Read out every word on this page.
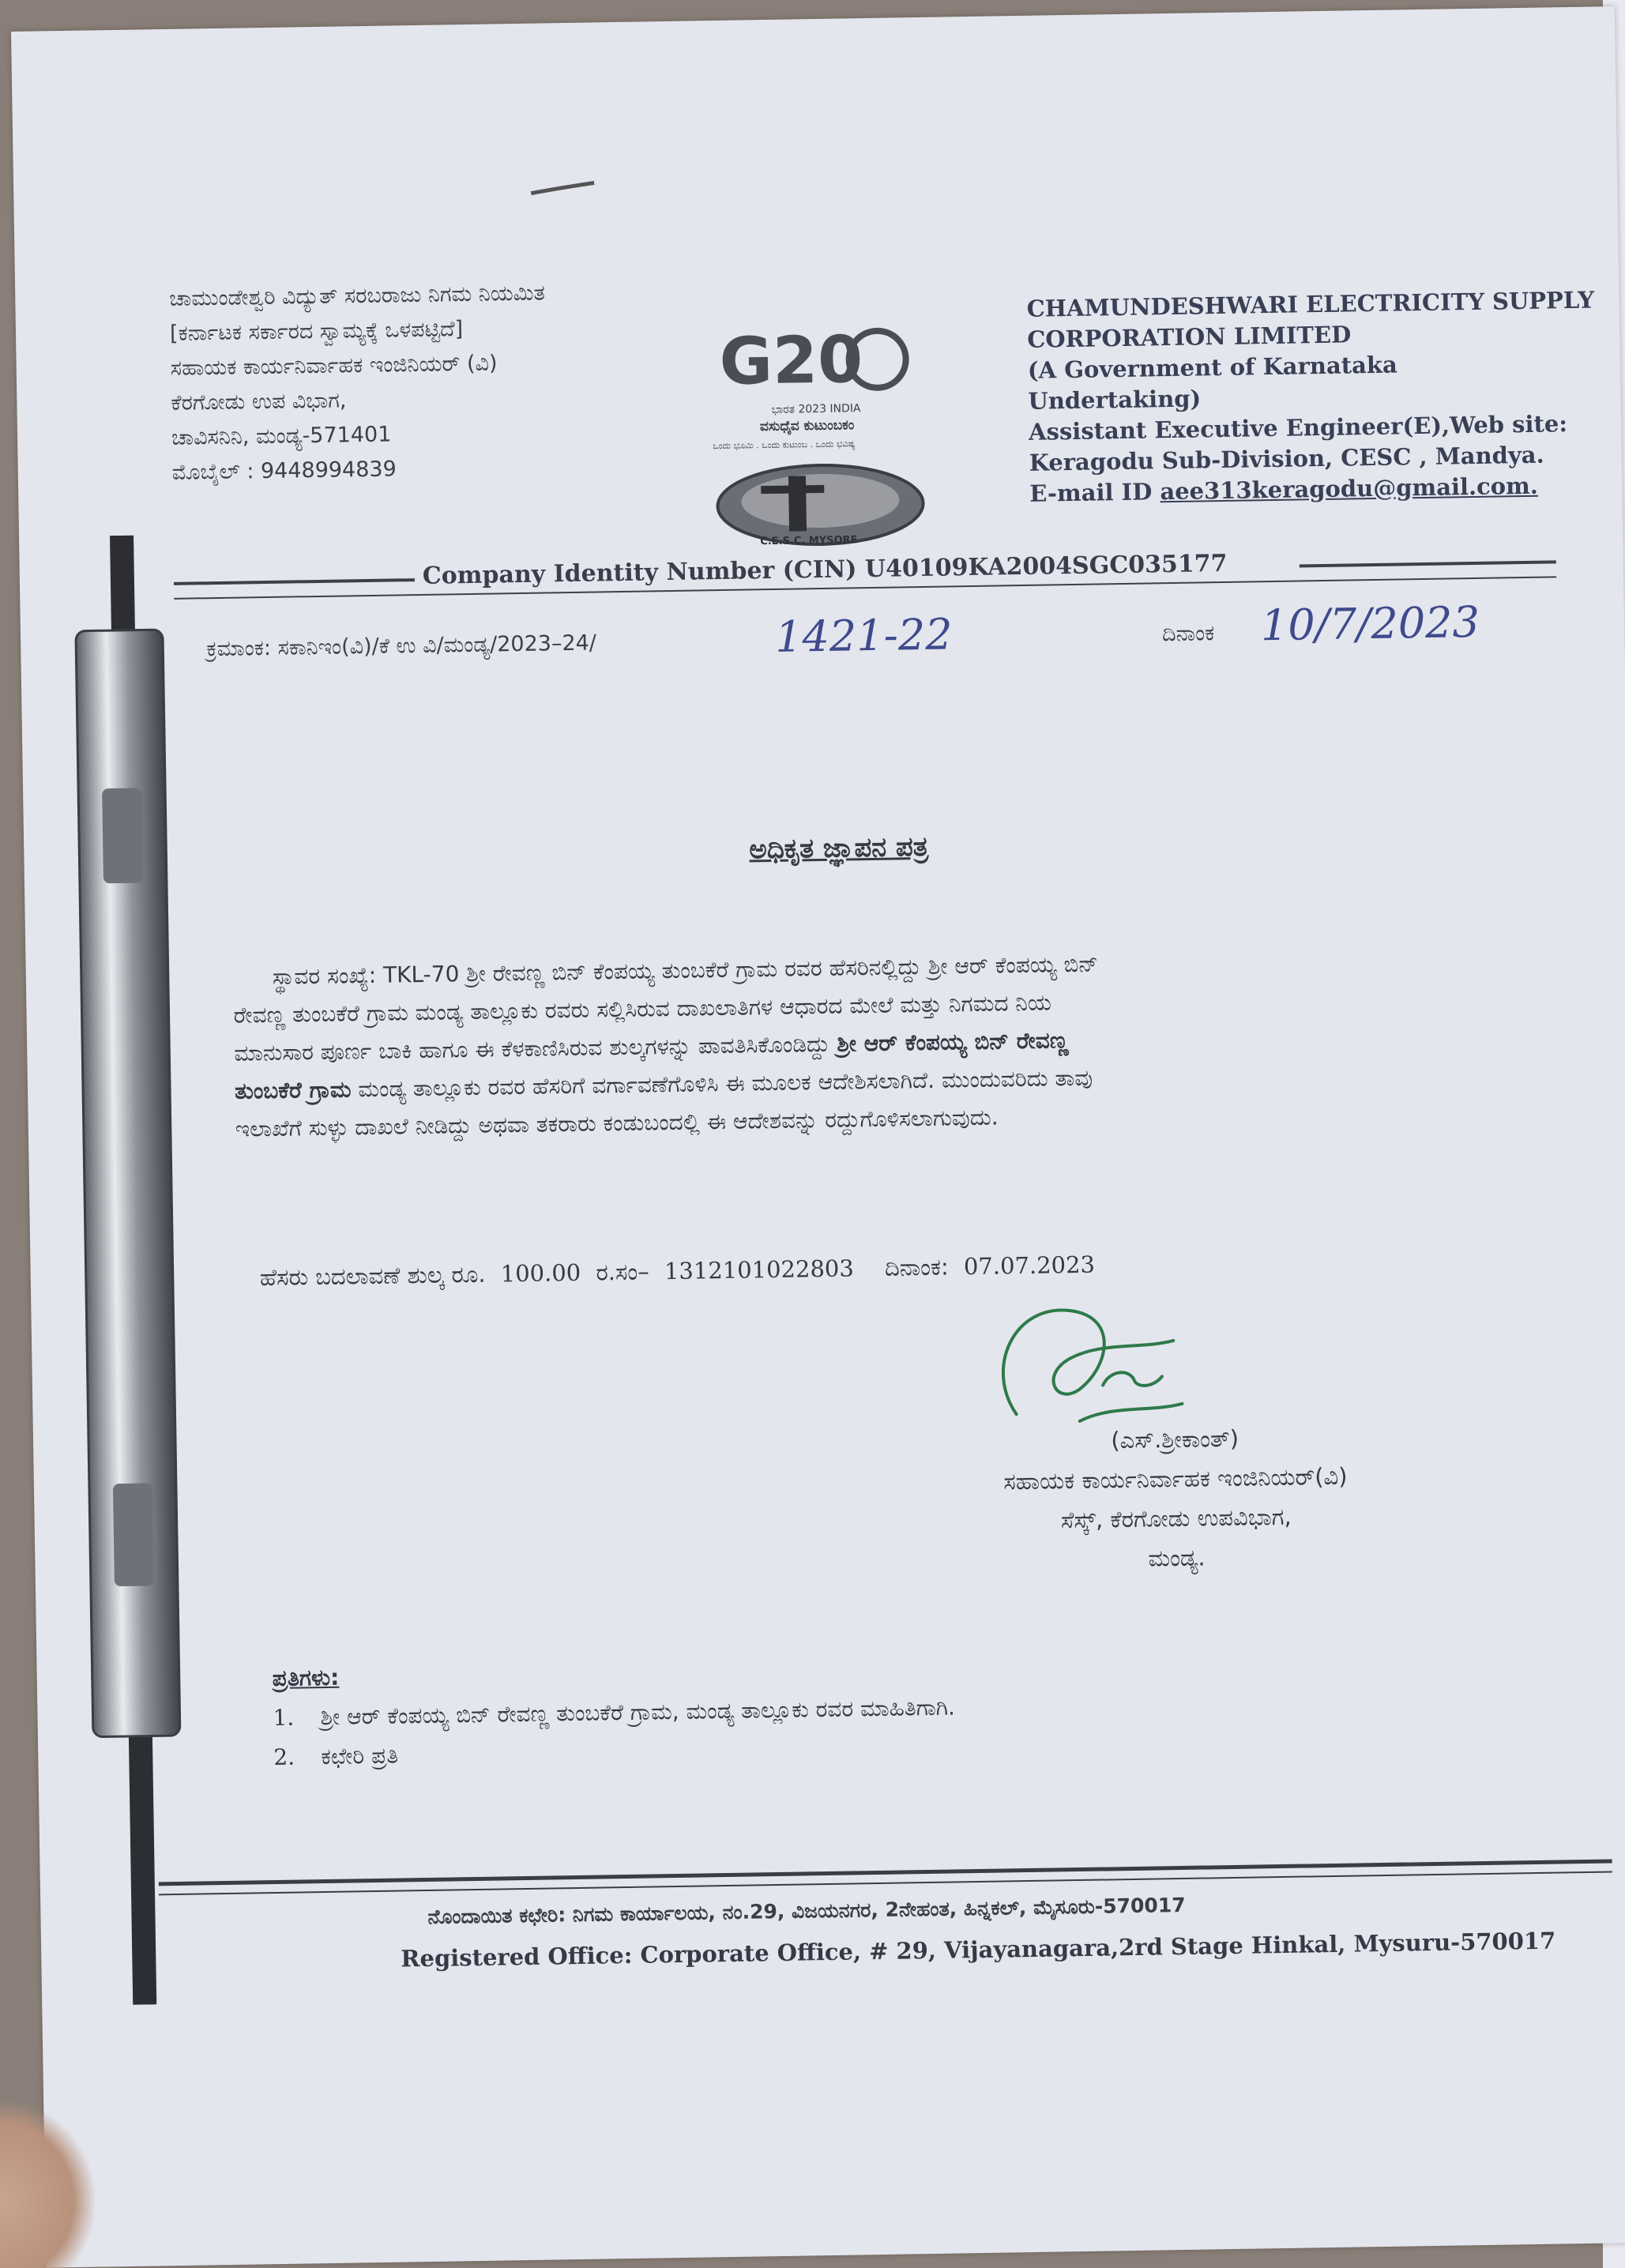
ಚಾಮುಂಡೇಶ್ವರಿ ವಿದ್ಯುತ್ ಸರಬರಾಜು ನಿಗಮ ನಿಯಮಿತ
[ಕರ್ನಾಟಕ ಸರ್ಕಾರದ ಸ್ವಾಮ್ಯಕ್ಕೆ ಒಳಪಟ್ಟಿದೆ]
ಸಹಾಯಕ ಕಾರ್ಯನಿರ್ವಾಹಕ ಇಂಜಿನಿಯರ್ (ವಿ)
ಕೆರಗೋಡು ಉಪ ವಿಭಾಗ,
ಚಾವಿಸನಿನಿ, ಮಂಡ್ಯ-571401
ಮೊಬೈಲ್ : 9448994839
G20
ಭಾರತ 2023 INDIA
ವಸುಧೈವ ಕುಟುಂಬಕಂ
ಒಂದು ಭೂಮಿ . ಒಂದು ಕುಟುಂಬ . ಒಂದು ಭವಿಷ್ಯ
C.E.S.C. MYSORE
CHAMUNDESHWARI ELECTRICITY SUPPLY
CORPORATION LIMITED
(A Government of Karnataka
Undertaking)
Assistant Executive Engineer(E),Web site:
Keragodu Sub-Division, CESC , Mandya.
E-mail ID aee313keragodu@gmail.com.
Company Identity Number (CIN) U40109KA2004SGC035177
ಕ್ರಮಾಂಕ: ಸಕಾನಿಇಂ(ವಿ)/ಕೆ ಉ ವಿ/ಮಂಡ್ಯ/2023–24/	1421-22	ದಿನಾಂಕ 10/7/2023
ಅಧಿಕೃತ ಜ್ಞಾಪನ ಪತ್ರ
ಸ್ಥಾವರ ಸಂಖ್ಯೆ: TKL-70 ಶ್ರೀ ರೇವಣ್ಣ ಬಿನ್ ಕೆಂಪಯ್ಯ ತುಂಬಕೆರೆ ಗ್ರಾಮ ರವರ ಹೆಸರಿನಲ್ಲಿದ್ದು ಶ್ರೀ ಆರ್ ಕೆಂಪಯ್ಯ ಬಿನ್
ರೇವಣ್ಣ ತುಂಬಕೆರೆ ಗ್ರಾಮ ಮಂಡ್ಯ ತಾಲ್ಲೂಕು ರವರು ಸಲ್ಲಿಸಿರುವ ದಾಖಲಾತಿಗಳ ಆಧಾರದ ಮೇಲೆ ಮತ್ತು ನಿಗಮದ ನಿಯ
ಮಾನುಸಾರ ಪೂರ್ಣ ಬಾಕಿ ಹಾಗೂ ಈ ಕೆಳಕಾಣಿಸಿರುವ ಶುಲ್ಕಗಳನ್ನು ಪಾವತಿಸಿಕೊಂಡಿದ್ದು ಶ್ರೀ ಆರ್ ಕೆಂಪಯ್ಯ ಬಿನ್ ರೇವಣ್ಣ
ತುಂಬಕೆರೆ ಗ್ರಾಮ ಮಂಡ್ಯ ತಾಲ್ಲೂಕು ರವರ ಹೆಸರಿಗೆ ವರ್ಗಾವಣೆಗೊಳಿಸಿ ಈ ಮೂಲಕ ಆದೇಶಿಸಲಾಗಿದೆ. ಮುಂದುವರಿದು ತಾವು
ಇಲಾಖೆಗೆ ಸುಳ್ಳು ದಾಖಲೆ ನೀಡಿದ್ದು ಅಥವಾ ತಕರಾರು ಕಂಡುಬಂದಲ್ಲಿ ಈ ಆದೇಶವನ್ನು ರದ್ದುಗೊಳಿಸಲಾಗುವುದು.
ಹೆಸರು ಬದಲಾವಣೆ ಶುಲ್ಕ ರೂ. 100.00 ರ.ಸಂ– 1312101022803 ದಿನಾಂಕ: 07.07.2023
(ಎಸ್.ಶ್ರೀಕಾಂತ್)
ಸಹಾಯಕ ಕಾರ್ಯನಿರ್ವಾಹಕ ಇಂಜಿನಿಯರ್(ವಿ)
ಸೆಸ್ಕ್, ಕೆರಗೋಡು ಉಪವಿಭಾಗ,
ಮಂಡ್ಯ.
ಪ್ರತಿಗಳು:
1. ಶ್ರೀ ಆರ್ ಕೆಂಪಯ್ಯ ಬಿನ್ ರೇವಣ್ಣ ತುಂಬಕೆರೆ ಗ್ರಾಮ, ಮಂಡ್ಯ ತಾಲ್ಲೂಕು ರವರ ಮಾಹಿತಿಗಾಗಿ.
2. ಕಛೇರಿ ಪ್ರತಿ
ನೊಂದಾಯಿತ ಕಛೇರಿ: ನಿಗಮ ಕಾರ್ಯಾಲಯ, ನಂ.29, ವಿಜಯನಗರ, 2ನೇಹಂತ, ಹಿನ್ನಕಲ್, ಮೈಸೂರು-570017
Registered Office: Corporate Office, # 29, Vijayanagara,2rd Stage Hinkal, Mysuru-570017
